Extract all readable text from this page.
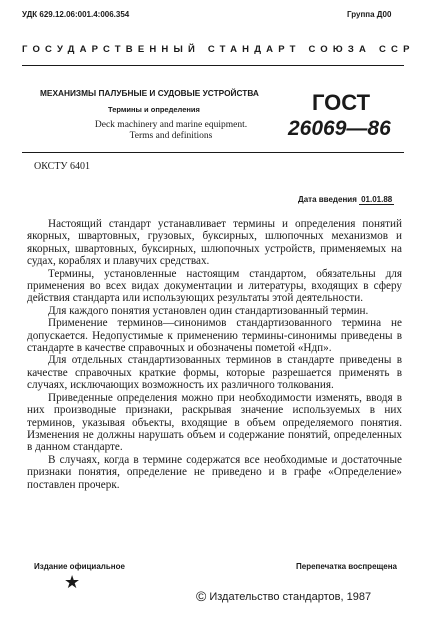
УДК 629.12.06:001.4:006.354	Группа Д00
ГОСУДАРСТВЕННЫЙ СТАНДАРТ СОЮЗА ССР
МЕХАНИЗМЫ ПАЛУБНЫЕ И СУДОВЫЕ УСТРОЙСТВА
Термины и определения
Deck machinery and marine equipment.
Terms and definitions
ГОСТ
26069—86
ОКСТУ 6401
Дата введения 01.01.88

Настоящий стандарт устанавливает термины и определения понятий якорных, швартовных, грузовых, буксирных, шлюпочных механизмов и якорных, швартовных, буксирных, шлюпочных устройств, применяемых на судах, кораблях и плавучих средствах.

Термины, установленные настоящим стандартом, обязательны для применения во всех видах документации и литературы, входящих в сферу действия стандарта или использующих результаты этой деятельности.

Для каждого понятия установлен один стандартизованный термин.

Применение терминов—синонимов стандартизованного термина не допускается. Недопустимые к применению термины-синонимы приведены в стандарте в качестве справочных и обозначены пометой «Ндп».

Для отдельных стандартизованных терминов в стандарте приведены в качестве справочных краткие формы, которые разрешается применять в случаях, исключающих возможность их различного толкования.

Приведенные определения можно при необходимости изменять, вводя в них производные признаки, раскрывая значение используемых в них терминов, указывая объекты, входящие в объем определяемого понятия. Изменения не должны нарушать объем и содержание понятий, определенных в данном стандарте.

В случаях, когда в термине содержатся все необходимые и достаточные признаки понятия, определение не приведено и в графе «Определение» поставлен прочерк.

Издание официальное	Перепечатка воспрещена
★
© Издательство стандартов, 1987
